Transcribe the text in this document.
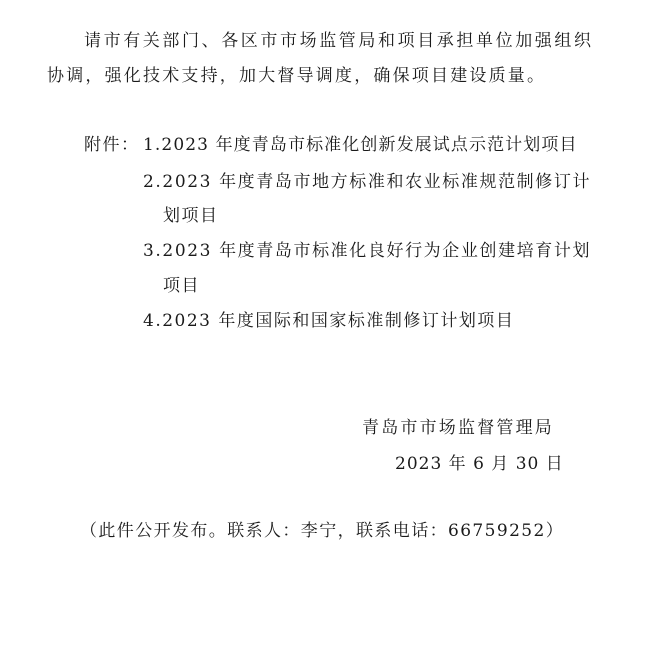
请市有关部门、各区市市场监管局和项目承担单位加强组织
协调，强化技术支持，加大督导调度，确保项目建设质量。
附件： 1.2023 年度青岛市标准化创新发展试点示范计划项目
2.2023 年度青岛市地方标准和农业标准规范制修订计
划项目
3.2023 年度青岛市标准化良好行为企业创建培育计划
项目
4.2023 年度国际和国家标准制修订计划项目
青岛市市场监督管理局
2023 年 6 月 30 日
（此件公开发布。联系人：李宁，联系电话：66759252）
